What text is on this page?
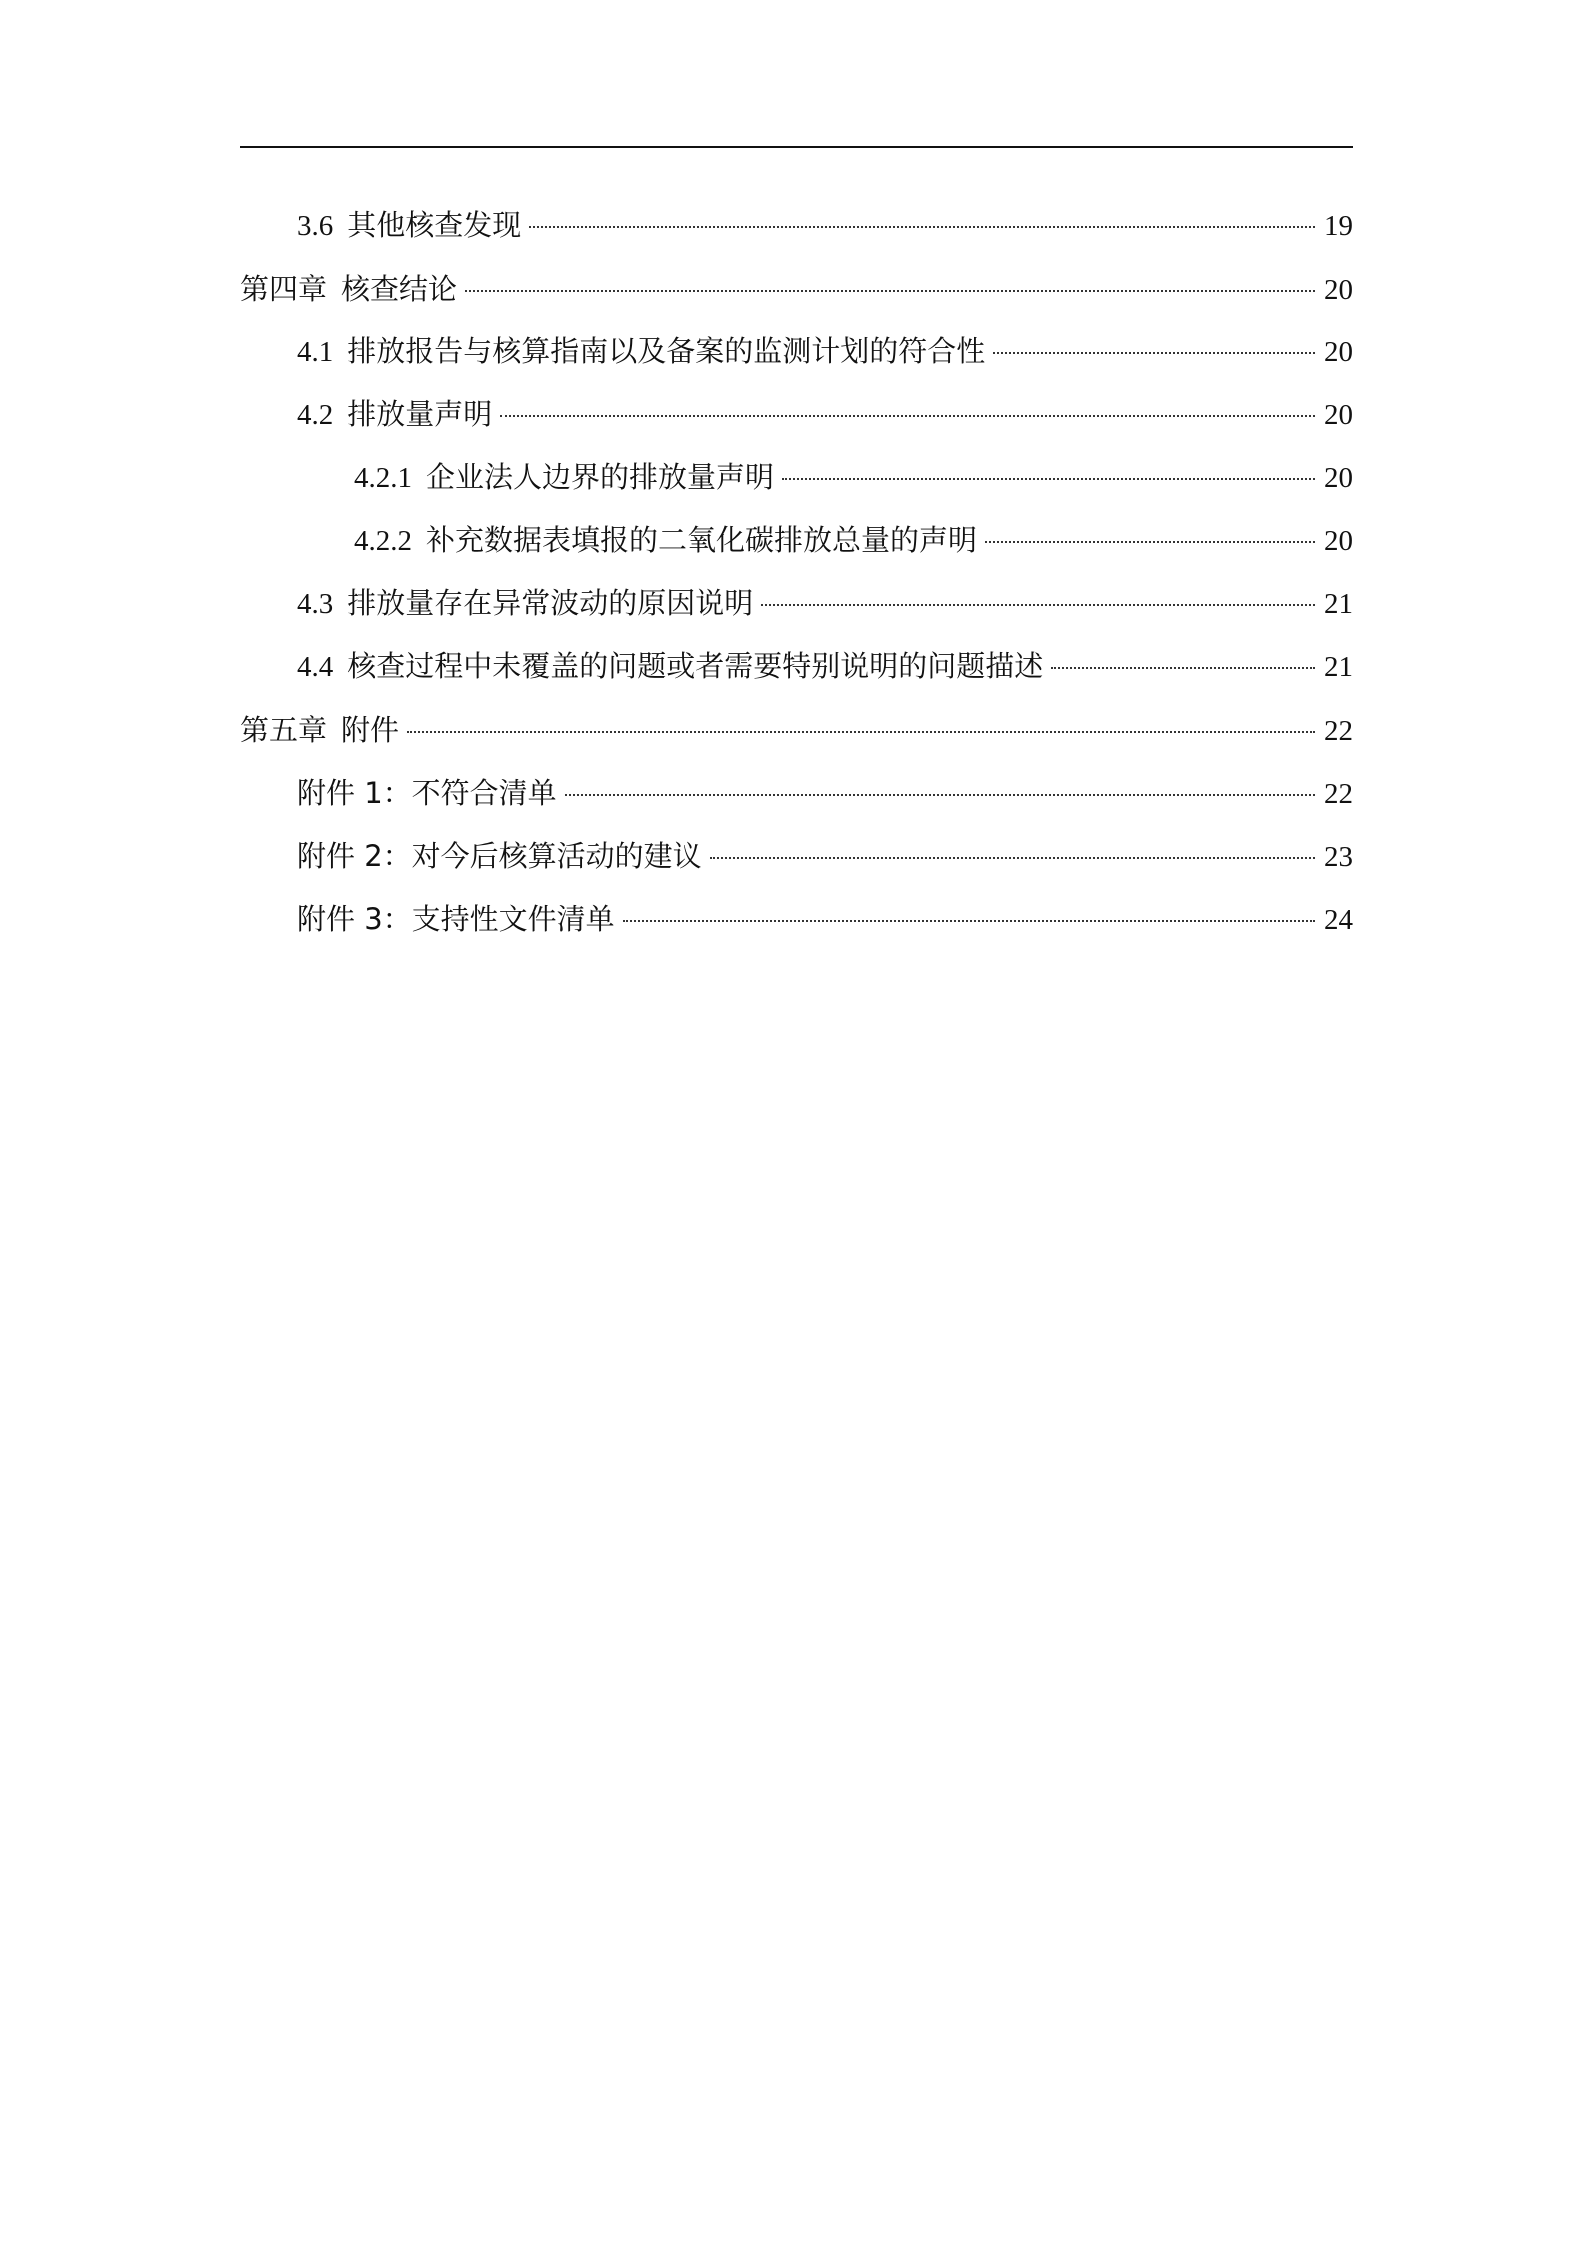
3.6 其他核查发现	19
第四章 核查结论	20
4.1 排放报告与核算指南以及备案的监测计划的符合性	20
4.2 排放量声明	20
4.2.1 企业法人边界的排放量声明	20
4.2.2 补充数据表填报的二氧化碳排放总量的声明	20
4.3 排放量存在异常波动的原因说明	21
4.4 核查过程中未覆盖的问题或者需要特别说明的问题描述	21
第五章 附件	22
附件 1： 不符合清单	22
附件 2： 对今后核算活动的建议	23
附件 3： 支持性文件清单	24
